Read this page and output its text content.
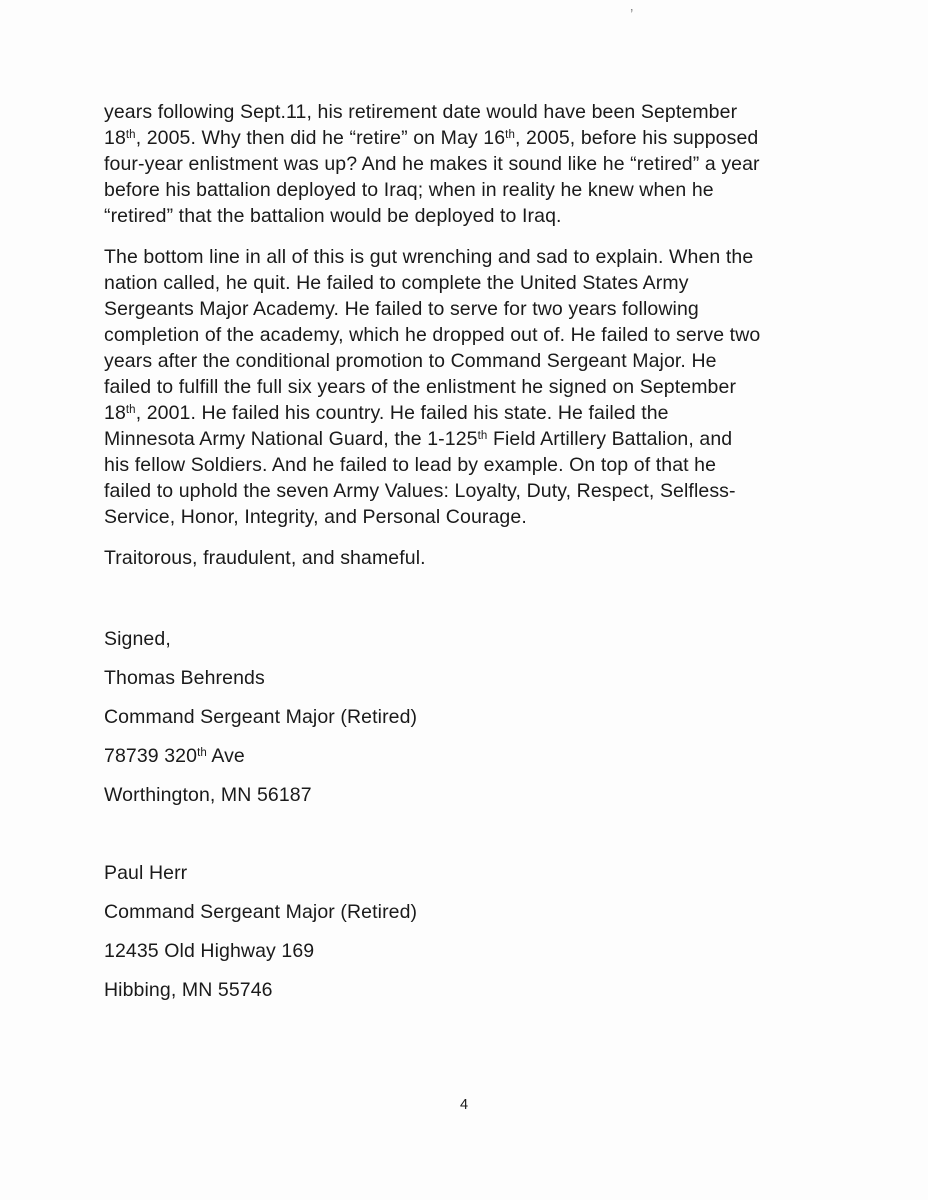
’
years following Sept.11, his retirement date would have been September
18th, 2005. Why then did he “retire” on May 16th, 2005, before his supposed
four-year enlistment was up? And he makes it sound like he “retired” a year
before his battalion deployed to Iraq; when in reality he knew when he
“retired” that the battalion would be deployed to Iraq.
The bottom line in all of this is gut wrenching and sad to explain. When the
nation called, he quit. He failed to complete the United States Army
Sergeants Major Academy. He failed to serve for two years following
completion of the academy, which he dropped out of. He failed to serve two
years after the conditional promotion to Command Sergeant Major. He
failed to fulfill the full six years of the enlistment he signed on September
18th, 2001. He failed his country. He failed his state. He failed the
Minnesota Army National Guard, the 1-125th Field Artillery Battalion, and
his fellow Soldiers. And he failed to lead by example. On top of that he
failed to uphold the seven Army Values: Loyalty, Duty, Respect, Selfless-
Service, Honor, Integrity, and Personal Courage.
Traitorous, fraudulent, and shameful.
Signed,
Thomas Behrends
Command Sergeant Major (Retired)
78739 320th Ave
Worthington, MN 56187
Paul Herr
Command Sergeant Major (Retired)
12435 Old Highway 169
Hibbing, MN 55746
4
